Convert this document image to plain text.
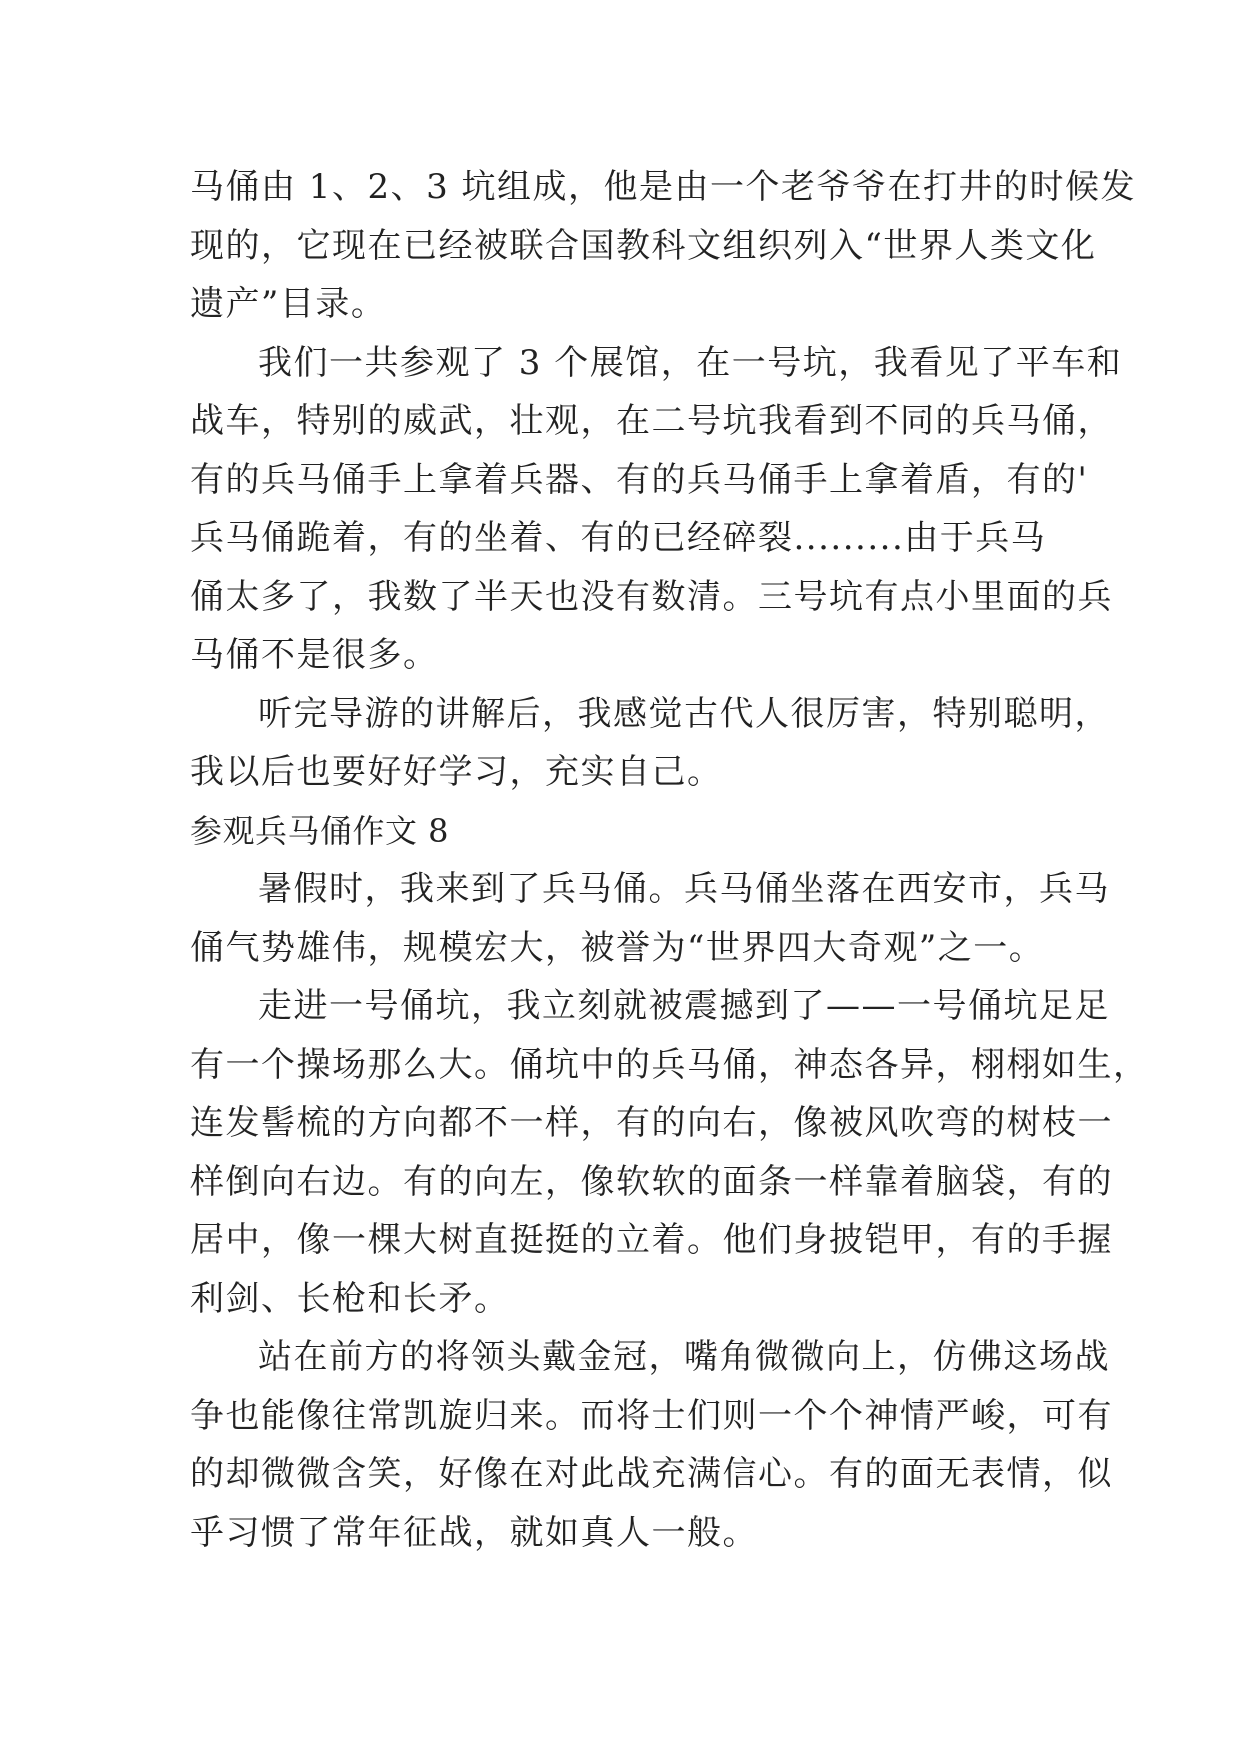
马俑由 1、2、3 坑组成，他是由一个老爷爷在打井的时候发
现的，它现在已经被联合国教科文组织列入“世界人类文化
遗产”目录。
我们一共参观了 3 个展馆，在一号坑，我看见了平车和
战车，特别的威武，壮观，在二号坑我看到不同的兵马俑，
有的兵马俑手上拿着兵器、有的兵马俑手上拿着盾，有的'
兵马俑跪着，有的坐着、有的已经碎裂.........由于兵马
俑太多了，我数了半天也没有数清。三号坑有点小里面的兵
马俑不是很多。
听完导游的讲解后，我感觉古代人很厉害，特别聪明，
我以后也要好好学习，充实自己。
参观兵马俑作文 8
暑假时，我来到了兵马俑。兵马俑坐落在西安市，兵马
俑气势雄伟，规模宏大，被誉为“世界四大奇观”之一。
走进一号俑坑，我立刻就被震撼到了——一号俑坑足足
有一个操场那么大。俑坑中的兵马俑，神态各异，栩栩如生，
连发髻梳的方向都不一样，有的向右，像被风吹弯的树枝一
样倒向右边。有的向左，像软软的面条一样靠着脑袋，有的
居中，像一棵大树直挺挺的立着。他们身披铠甲，有的手握
利剑、长枪和长矛。
站在前方的将领头戴金冠，嘴角微微向上，仿佛这场战
争也能像往常凯旋归来。而将士们则一个个神情严峻，可有
的却微微含笑，好像在对此战充满信心。有的面无表情，似
乎习惯了常年征战，就如真人一般。
